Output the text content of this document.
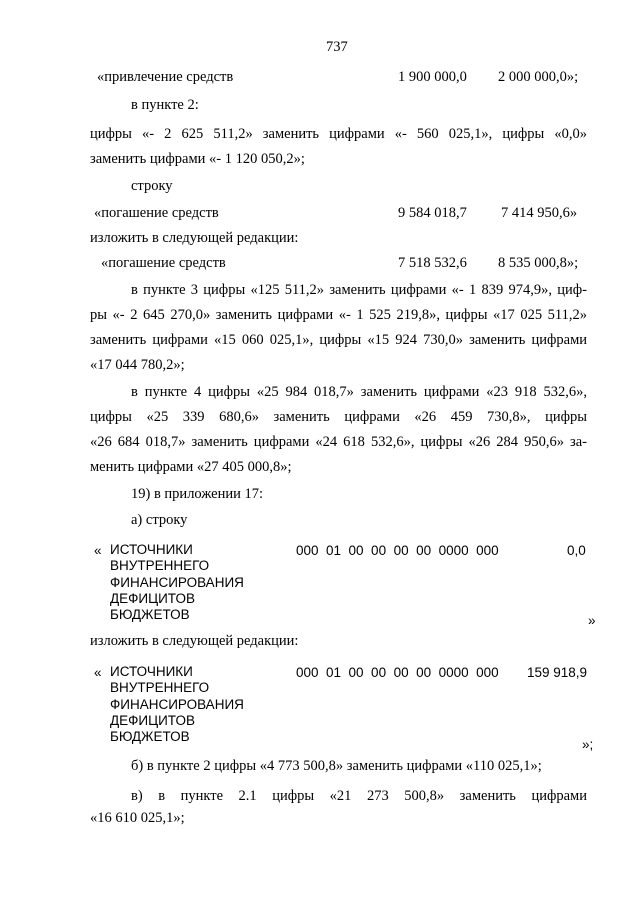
737
«привлечение средств	1 900 000,0 2 000 000,0»;
в пункте 2:
цифры «- 2 625 511,2» заменить цифрами «- 560 025,1», цифры «0,0»
заменить цифрами «- 1 120 050,2»;
строку
«погашение средств	9 584 018,7 7 414 950,6»
изложить в следующей редакции:
«погашение средств	7 518 532,6 8 535 000,8»;
в пункте 3 цифры «125 511,2» заменить цифрами «- 1 839 974,9», циф-
ры «- 2 645 270,0» заменить цифрами «- 1 525 219,8», цифры «17 025 511,2»
заменить цифрами «15 060 025,1», цифры «15 924 730,0» заменить цифрами
«17 044 780,2»;
в пункте 4 цифры «25 984 018,7» заменить цифрами «23 918 532,6»,
цифры «25 339 680,6» заменить цифрами «26 459 730,8», цифры
«26 684 018,7» заменить цифрами «24 618 532,6», цифры «26 284 950,6» за-
менить цифрами «27 405 000,8»;
19) в приложении 17:
а) строку
« ИСТОЧНИКИ
ВНУТРЕННЕГО
ФИНАНСИРОВАНИЯ
ДЕФИЦИТОВ
БЮДЖЕТОВ
000  01  00  00  00  00  0000  000	0,0
»
изложить в следующей редакции:
« ИСТОЧНИКИ
ВНУТРЕННЕГО
ФИНАНСИРОВАНИЯ
ДЕФИЦИТОВ
БЮДЖЕТОВ
000  01  00  00  00  00  0000  000 159 918,9
»;
б) в пункте 2 цифры «4 773 500,8» заменить цифрами «110 025,1»;
в) в пункте 2.1 цифры «21 273 500,8» заменить цифрами
«16 610 025,1»;
